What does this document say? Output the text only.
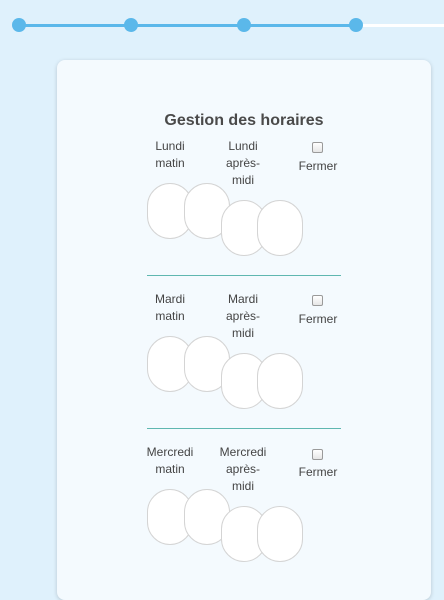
Gestion des horaires
Lundi
matin
Lundi
après-
midi
Fermer
Mardi
matin
Mardi
après-
midi
Fermer
Mercredi
matin
Mercredi
après-
midi
Fermer
